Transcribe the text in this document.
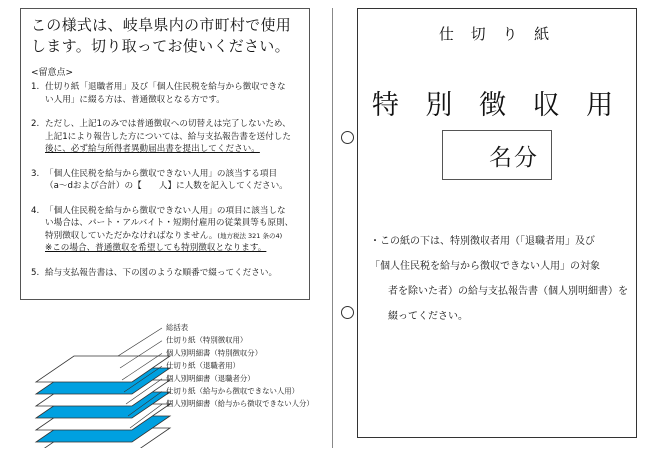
この様式は、岐阜県内の市町村で使用
します。切り取ってお使いください。
<留意点>
1. 仕切り紙「退職者用」及び「個人住民税を給与から徴収できな
い人用」に綴る方は、普通徴収となる方です。
2. ただし、上記1のみでは普通徴収への切替えは完了しないため、
上記1により報告した方については、給与支払報告書を送付した
後に、必ず給与所得者異動届出書を提出してください。
3. 「個人住民税を給与から徴収できない人用」の該当する項目
（a～dおよび合計）の【　　人】に人数を記入してください。
4. 「個人住民税を給与から徴収できない人用」の項目に該当しな
い場合は、パート・アルバイト・短期付雇用の従業員等も原則、
特別徴収していただかなければなりません。(地方税法 321 条の4)
※この場合、普通徴収を希望しても特別徴収となります。
5. 給与支払報告書は、下の図のような順番で綴ってください。
総括表
仕切り紙（特別徴収用）
個人別明細書（特別徴収分）
仕切り紙（退職者用）
個人別明細書（退職者分）
仕切り紙（給与から徴収できない人用）
個人別明細書（給与から徴収できない人分）
仕 切 り 紙
特 別 徴 収 用
名分
・この紙の下は、特別徴収者用（「退職者用」及び
「個人住民税を給与から徴収できない人用」の対象
者を除いた者）の給与支払報告書（個人別明細書）を
綴ってください。
